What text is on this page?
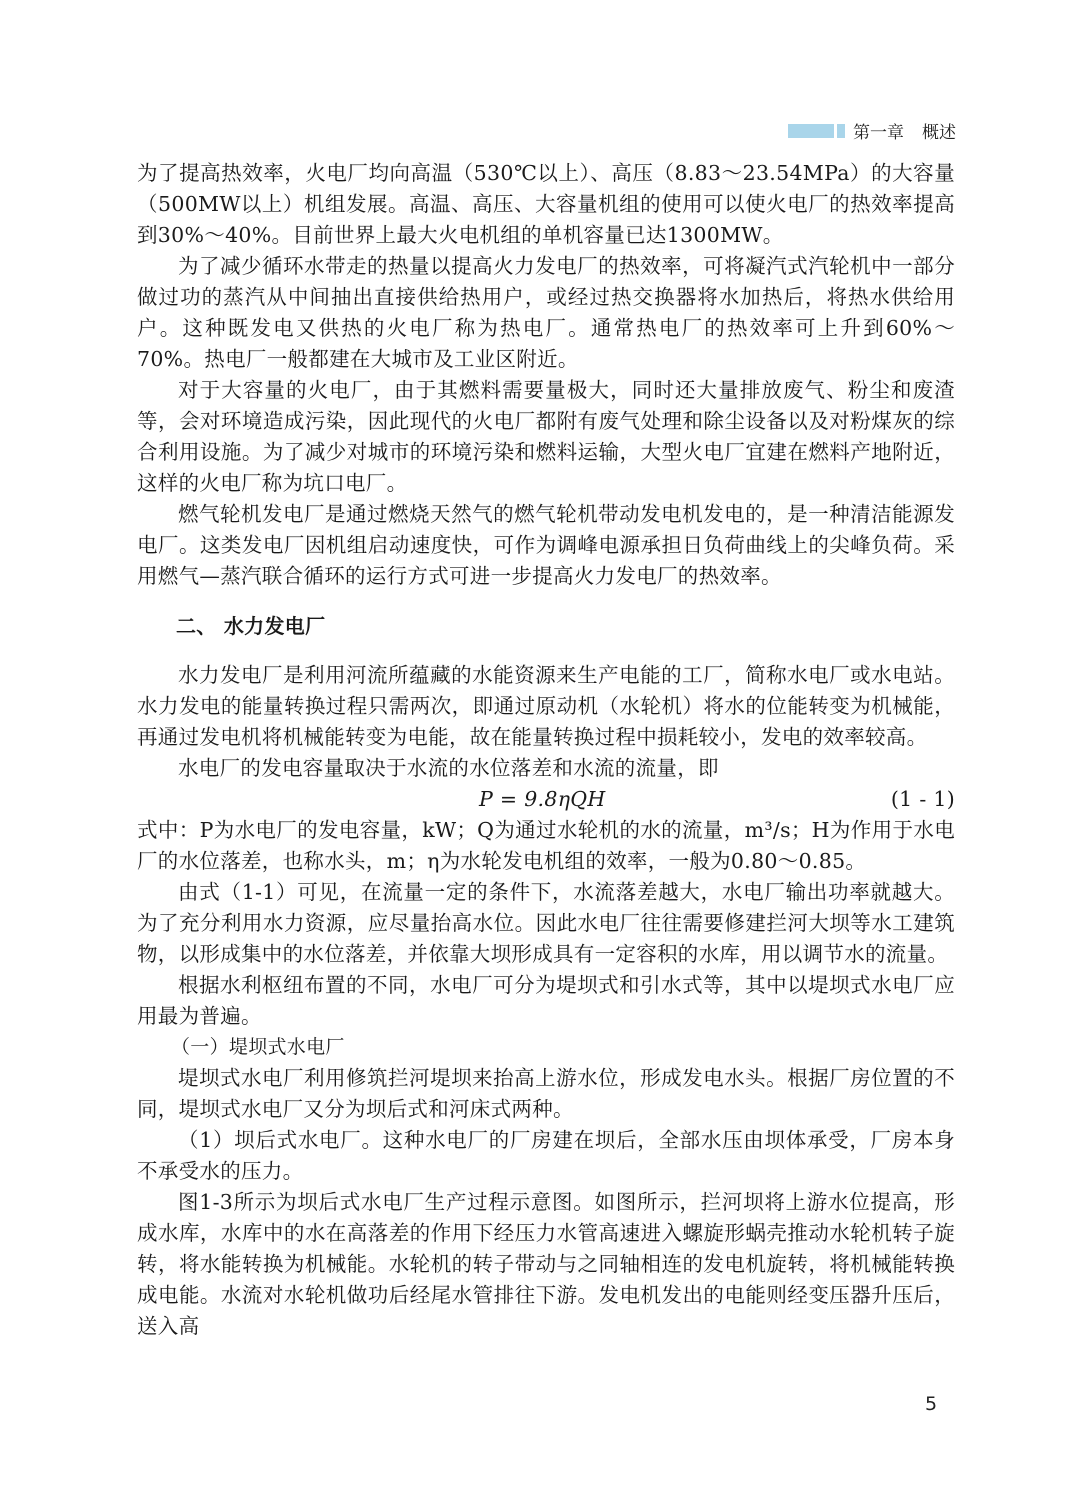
第一章 概述

为了提高热效率，火电厂均向高温（530℃以上）、高压（8.83～23.54MPa）的大容量（500MW以上）机组发展。高温、高压、大容量机组的使用可以使火电厂的热效率提高到30%～40%。目前世界上最大火电机组的单机容量已达1300MW。

为了减少循环水带走的热量以提高火力发电厂的热效率，可将凝汽式汽轮机中一部分做过功的蒸汽从中间抽出直接供给热用户，或经过热交换器将水加热后，将热水供给用户。这种既发电又供热的火电厂称为热电厂。通常热电厂的热效率可上升到60%～70%。热电厂一般都建在大城市及工业区附近。

对于大容量的火电厂，由于其燃料需要量极大，同时还大量排放废气、粉尘和废渣等，会对环境造成污染，因此现代的火电厂都附有废气处理和除尘设备以及对粉煤灰的综合利用设施。为了减少对城市的环境污染和燃料运输，大型火电厂宜建在燃料产地附近，这样的火电厂称为坑口电厂。

燃气轮机发电厂是通过燃烧天然气的燃气轮机带动发电机发电的，是一种清洁能源发电厂。这类发电厂因机组启动速度快，可作为调峰电源承担日负荷曲线上的尖峰负荷。采用燃气—蒸汽联合循环的运行方式可进一步提高火力发电厂的热效率。

二、 水力发电厂

水力发电厂是利用河流所蕴藏的水能资源来生产电能的工厂，简称水电厂或水电站。水力发电的能量转换过程只需两次，即通过原动机（水轮机）将水的位能转变为机械能，再通过发电机将机械能转变为电能，故在能量转换过程中损耗较小，发电的效率较高。

水电厂的发电容量取决于水流的水位落差和水流的流量，即

P = 9.8ηQH	(1 - 1)

式中：P为水电厂的发电容量，kW；Q为通过水轮机的水的流量，m³/s；H为作用于水电厂的水位落差，也称水头，m；η为水轮发电机组的效率，一般为0.80～0.85。

由式（1-1）可见，在流量一定的条件下，水流落差越大，水电厂输出功率就越大。为了充分利用水力资源，应尽量抬高水位。因此水电厂往往需要修建拦河大坝等水工建筑物，以形成集中的水位落差，并依靠大坝形成具有一定容积的水库，用以调节水的流量。

根据水利枢纽布置的不同，水电厂可分为堤坝式和引水式等，其中以堤坝式水电厂应用最为普遍。

（一）堤坝式水电厂

堤坝式水电厂利用修筑拦河堤坝来抬高上游水位，形成发电水头。根据厂房位置的不同，堤坝式水电厂又分为坝后式和河床式两种。

（1）坝后式水电厂。这种水电厂的厂房建在坝后，全部水压由坝体承受，厂房本身不承受水的压力。

图1-3所示为坝后式水电厂生产过程示意图。如图所示，拦河坝将上游水位提高，形成水库，水库中的水在高落差的作用下经压力水管高速进入螺旋形蜗壳推动水轮机转子旋转，将水能转换为机械能。水轮机的转子带动与之同轴相连的发电机旋转，将机械能转换成电能。水流对水轮机做功后经尾水管排往下游。发电机发出的电能则经变压器升压后，送入高

5
